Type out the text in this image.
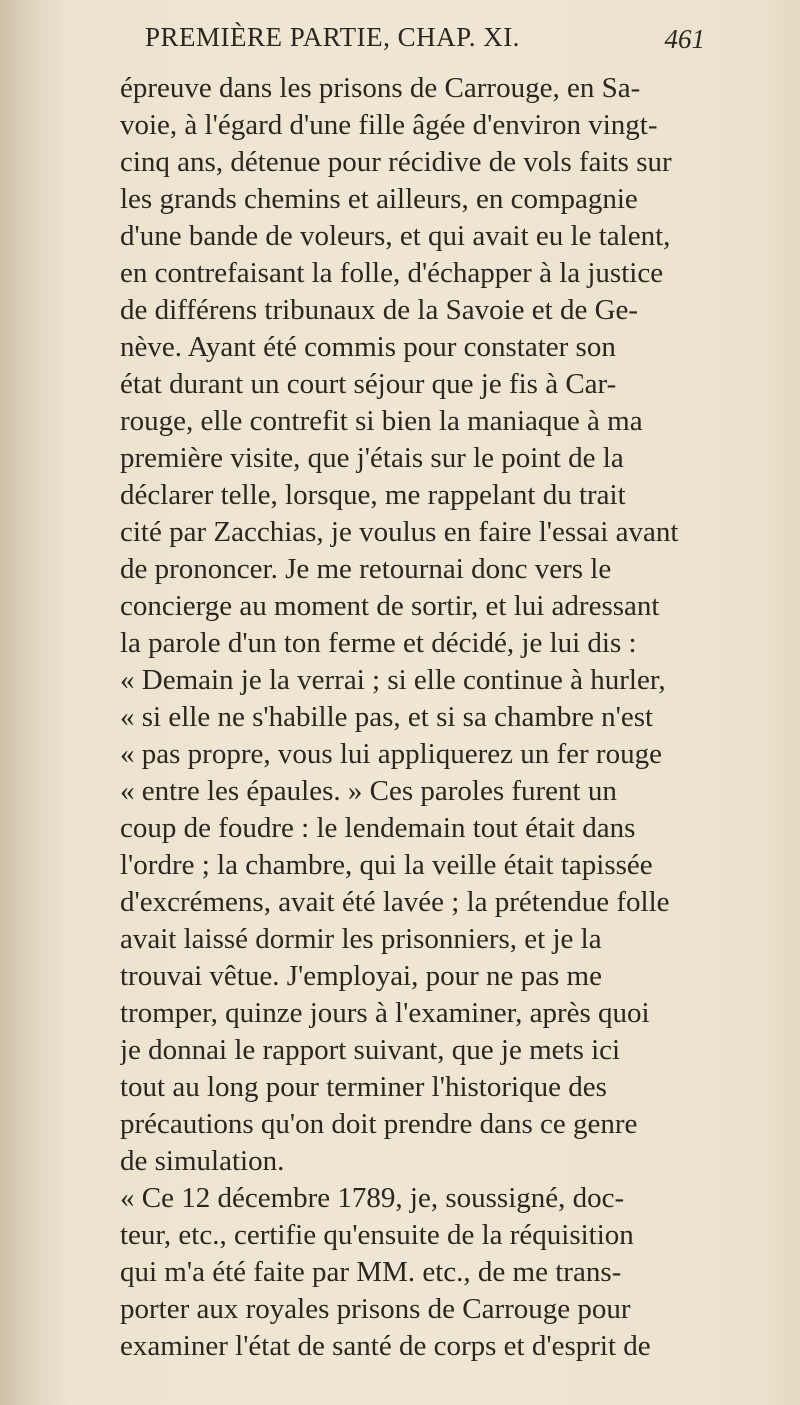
PREMIÈRE PARTIE, CHAP. XI.	461
épreuve dans les prisons de Carrouge, en Sa-
voie, à l'égard d'une fille âgée d'environ vingt-
cinq ans, détenue pour récidive de vols faits sur
les grands chemins et ailleurs, en compagnie
d'une bande de voleurs, et qui avait eu le talent,
en contrefaisant la folle, d'échapper à la justice
de différens tribunaux de la Savoie et de Ge-
nève. Ayant été commis pour constater son
état durant un court séjour que je fis à Car-
rouge, elle contrefit si bien la maniaque à ma
première visite, que j'étais sur le point de la
déclarer telle, lorsque, me rappelant du trait
cité par Zacchias, je voulus en faire l'essai avant
de prononcer. Je me retournai donc vers le
concierge au moment de sortir, et lui adressant
la parole d'un ton ferme et décidé, je lui dis :
« Demain je la verrai ; si elle continue à hurler,
« si elle ne s'habille pas, et si sa chambre n'est
« pas propre, vous lui appliquerez un fer rouge
« entre les épaules. » Ces paroles furent un
coup de foudre : le lendemain tout était dans
l'ordre ; la chambre, qui la veille était tapissée
d'excrémens, avait été lavée ; la prétendue folle
avait laissé dormir les prisonniers, et je la
trouvai vêtue. J'employai, pour ne pas me
tromper, quinze jours à l'examiner, après quoi
je donnai le rapport suivant, que je mets ici
tout au long pour terminer l'historique des
précautions qu'on doit prendre dans ce genre
de simulation.
« Ce 12 décembre 1789, je, soussigné, doc-
teur, etc., certifie qu'ensuite de la réquisition
qui m'a été faite par MM. etc., de me trans-
porter aux royales prisons de Carrouge pour
examiner l'état de santé de corps et d'esprit de
